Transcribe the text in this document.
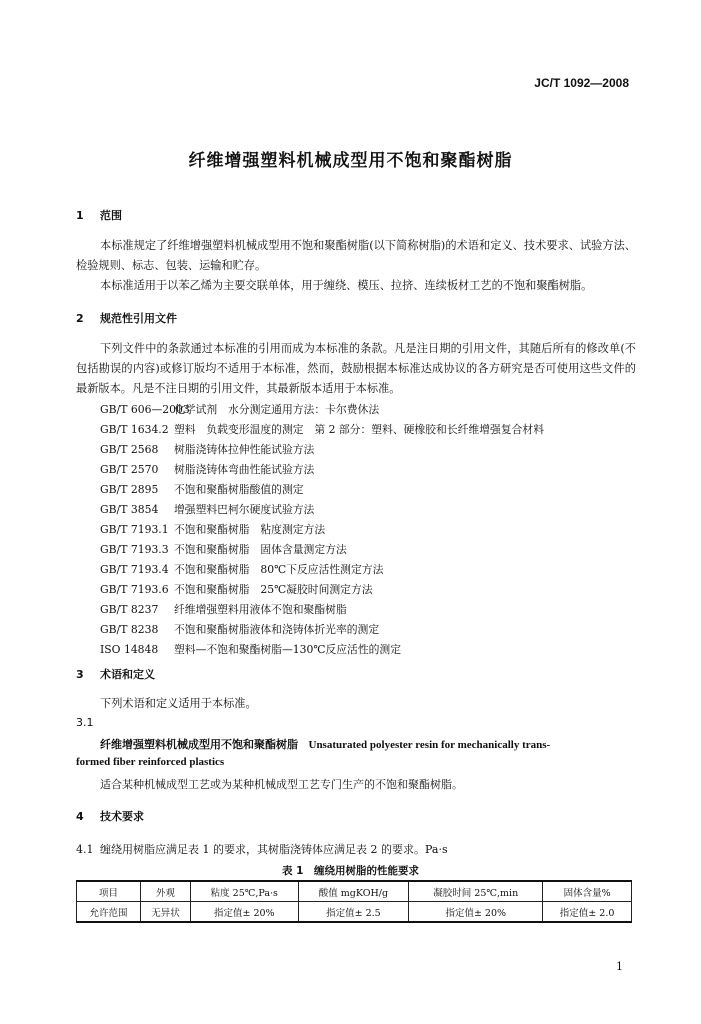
JC/T 1092—2008
纤维增强塑料机械成型用不饱和聚酯树脂
1 范围
本标准规定了纤维增强塑料机械成型用不饱和聚酯树脂(以下简称树脂)的术语和定义、技术要求、试验方法、检验规则、标志、包装、运输和贮存。
本标准适用于以苯乙烯为主要交联单体，用于缠绕、模压、拉挤、连续板材工艺的不饱和聚酯树脂。
2 规范性引用文件
下列文件中的条款通过本标准的引用而成为本标准的条款。凡是注日期的引用文件，其随后所有的修改单(不包括勘误的内容)或修订版均不适用于本标准，然而，鼓励根据本标准达成协议的各方研究是否可使用这些文件的最新版本。凡是不注日期的引用文件，其最新版本适用于本标准。
GB/T 606—2003化学试剂　水分测定通用方法：卡尔费休法
GB/T 1634.2 塑料　负载变形温度的测定　第 2 部分：塑料、硬橡胶和长纤维增强复合材料
GB/T 2568 树脂浇铸体拉伸性能试验方法
GB/T 2570 树脂浇铸体弯曲性能试验方法
GB/T 2895 不饱和聚酯树脂酸值的测定
GB/T 3854 增强塑料巴柯尔硬度试验方法
GB/T 7193.1 不饱和聚酯树脂　粘度测定方法
GB/T 7193.3 不饱和聚酯树脂　固体含量测定方法
GB/T 7193.4 不饱和聚酯树脂　80℃下反应活性测定方法
GB/T 7193.6 不饱和聚酯树脂　25℃凝胶时间测定方法
GB/T 8237 纤维增强塑料用液体不饱和聚酯树脂
GB/T 8238 不饱和聚酯树脂液体和浇铸体折光率的测定
ISO 14848 塑料—不饱和聚酯树脂—130℃反应活性的测定
3 术语和定义
下列术语和定义适用于本标准。
3.1
纤维增强塑料机械成型用不饱和聚酯树脂 Unsaturated polyester resin for mechanically trans-
formed fiber reinforced plastics
适合某种机械成型工艺或为某种机械成型工艺专门生产的不饱和聚酯树脂。
4 技术要求
4.1 缠绕用树脂应满足表 1 的要求，其树脂浇铸体应满足表 2 的要求。Pa·s
表 1　缠绕用树脂的性能要求
项目	外观	粘度 25℃,Pa·s	酸值 mgKOH/g	凝胶时间 25℃,min	固体含量%
允许范围	无异状	指定值± 20%	指定值± 2.5	指定值± 20%	指定值± 2.0
1
